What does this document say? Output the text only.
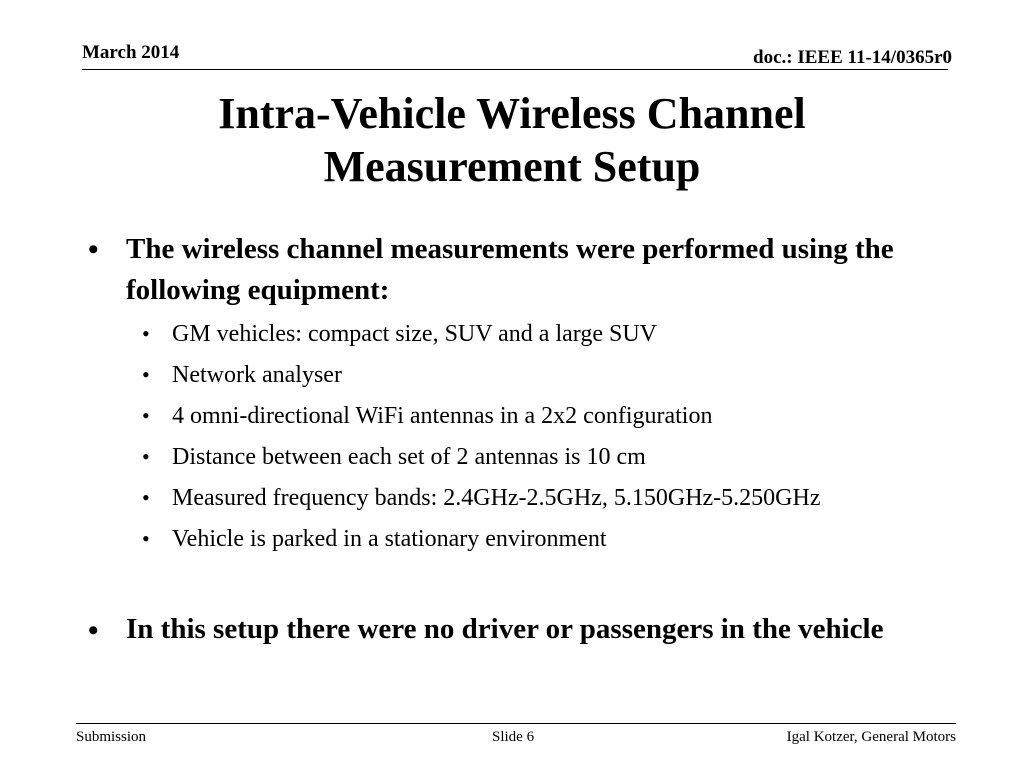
March 2014	doc.: IEEE 11-14/0365r0
Intra-Vehicle Wireless Channel
Measurement Setup
• The wireless channel measurements were performed using the following equipment:
• GM vehicles: compact size, SUV and a large SUV
• Network analyser
• 4 omni-directional WiFi antennas in a 2x2 configuration
• Distance between each set of 2 antennas is 10 cm
• Measured frequency bands: 2.4GHz-2.5GHz, 5.150GHz-5.250GHz
• Vehicle is parked in a stationary environment
• In this setup there were no driver or passengers in the vehicle
Submission	Slide 6	Igal Kotzer, General Motors
